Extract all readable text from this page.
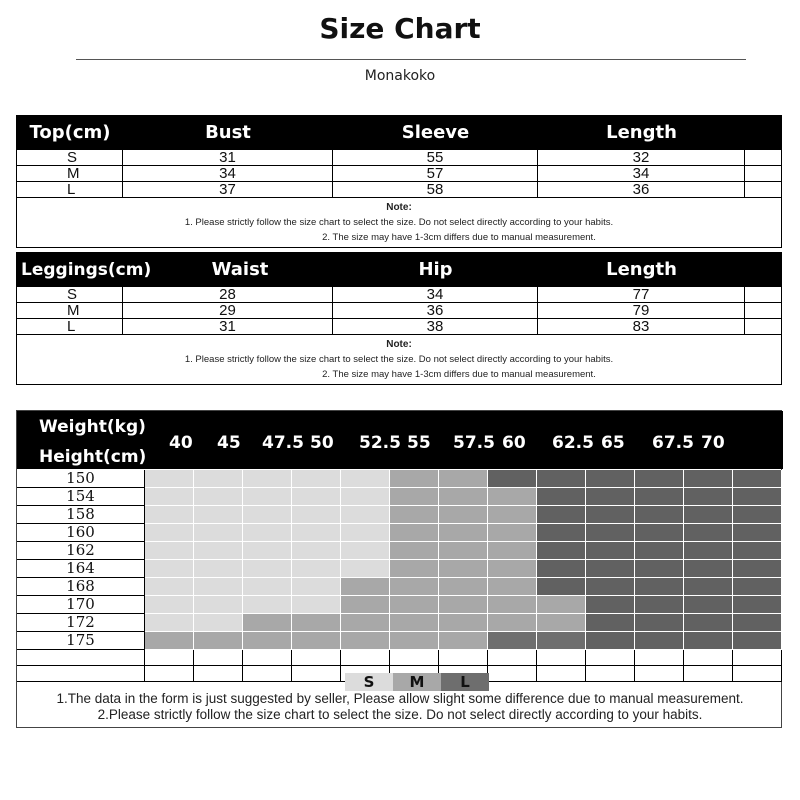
Size Chart
Monakoko
Top(cm)	Bust	Sleeve	Length
S	31	55	32
M	34	57	34
L	37	58	36
Note:
1. Please strictly follow the size chart to select the size. Do not select directly according to your habits.
2. The size may have 1-3cm differs due to manual measurement.
Leggings(cm)	Waist	Hip	Length
S	28	34	77
M	29	36	79
L	31	38	83
Note:
1. Please strictly follow the size chart to select the size. Do not select directly according to your habits.
2. The size may have 1-3cm differs due to manual measurement.
Weight(kg)
Height(cm)
40 45 47.5 50 52.5 55 57.5 60 62.5 65 67.5 70
150
154
158
160
162
164
168
170
172
175
S	M	L
1.The data in the form is just suggested by seller, Please allow slight some difference due to manual measurement.
2.Please strictly follow the size chart to select the size. Do not select directly according to your habits.
